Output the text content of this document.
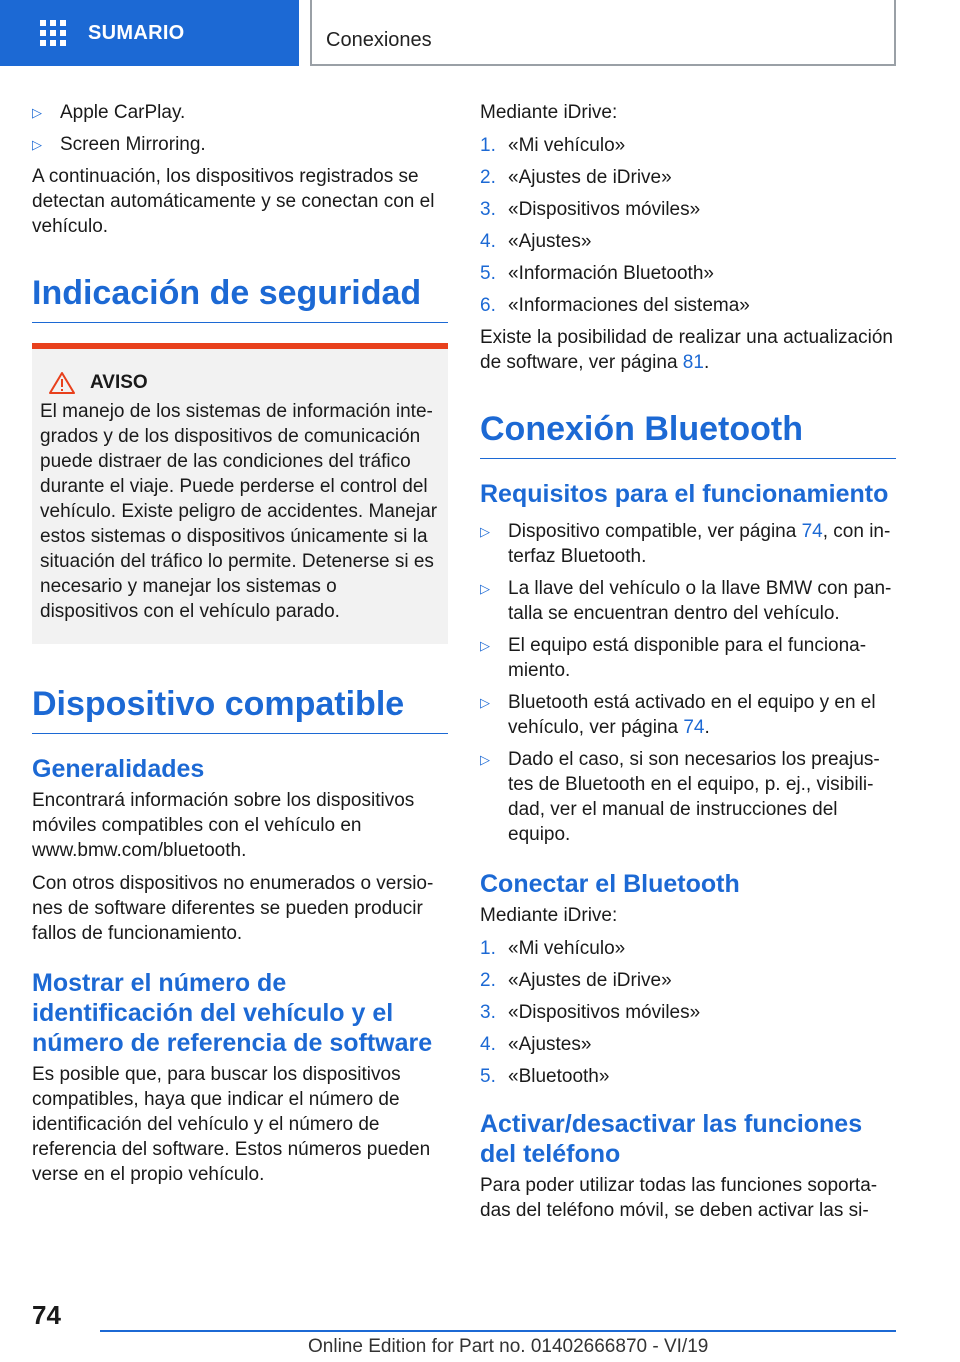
SUMARIO	Conexiones
▷ Apple CarPlay.
▷ Screen Mirroring.

A continuación, los dispositivos registrados se detectan automáticamente y se conectan con el vehículo.

Indicación de seguridad
AVISO
El manejo de los sistemas de información integrados y de los dispositivos de comunicación puede distraer de las condiciones del tráfico durante el viaje. Puede perderse el control del vehículo. Existe peligro de accidentes. Manejar estos sistemas o dispositivos únicamente si la situación del tráfico lo permite. Detenerse si es necesario y manejar los sistemas o dispositivos con el vehículo parado.
Dispositivo compatible
Generalidades

Encontrará información sobre los dispositivos móviles compatibles con el vehículo en www.bmw.com/bluetooth.

Con otros dispositivos no enumerados o versiones de software diferentes se pueden producir fallos de funcionamiento.

Mostrar el número de identificación del vehículo y el número de referencia de software

Es posible que, para buscar los dispositivos compatibles, haya que indicar el número de identificación del vehículo y el número de referencia del software. Estos números pueden verse en el propio vehículo.

Mediante iDrive:

1. «Mi vehículo»
2. «Ajustes de iDrive»
3. «Dispositivos móviles»
4. «Ajustes»
5. «Información Bluetooth»
6. «Informaciones del sistema»

Existe la posibilidad de realizar una actualización de software, ver página 81.

Conexión Bluetooth
Requisitos para el funcionamiento
▷ Dispositivo compatible, ver página 74, con interfaz Bluetooth.
▷ La llave del vehículo o la llave BMW con pantalla se encuentran dentro del vehículo.
▷ El equipo está disponible para el funcionamiento.
▷ Bluetooth está activado en el equipo y en el vehículo, ver página 74.
▷ Dado el caso, si son necesarios los preajustes de Bluetooth en el equipo, p. ej., visibilidad, ver el manual de instrucciones del equipo.
Conectar el Bluetooth

Mediante iDrive:

1. «Mi vehículo»
2. «Ajustes de iDrive»
3. «Dispositivos móviles»
4. «Ajustes»
5. «Bluetooth»
Activar/desactivar las funciones del teléfono

Para poder utilizar todas las funciones soportadas del teléfono móvil, se deben activar las si-

74
Online Edition for Part no. 01402666870 - VI/19
